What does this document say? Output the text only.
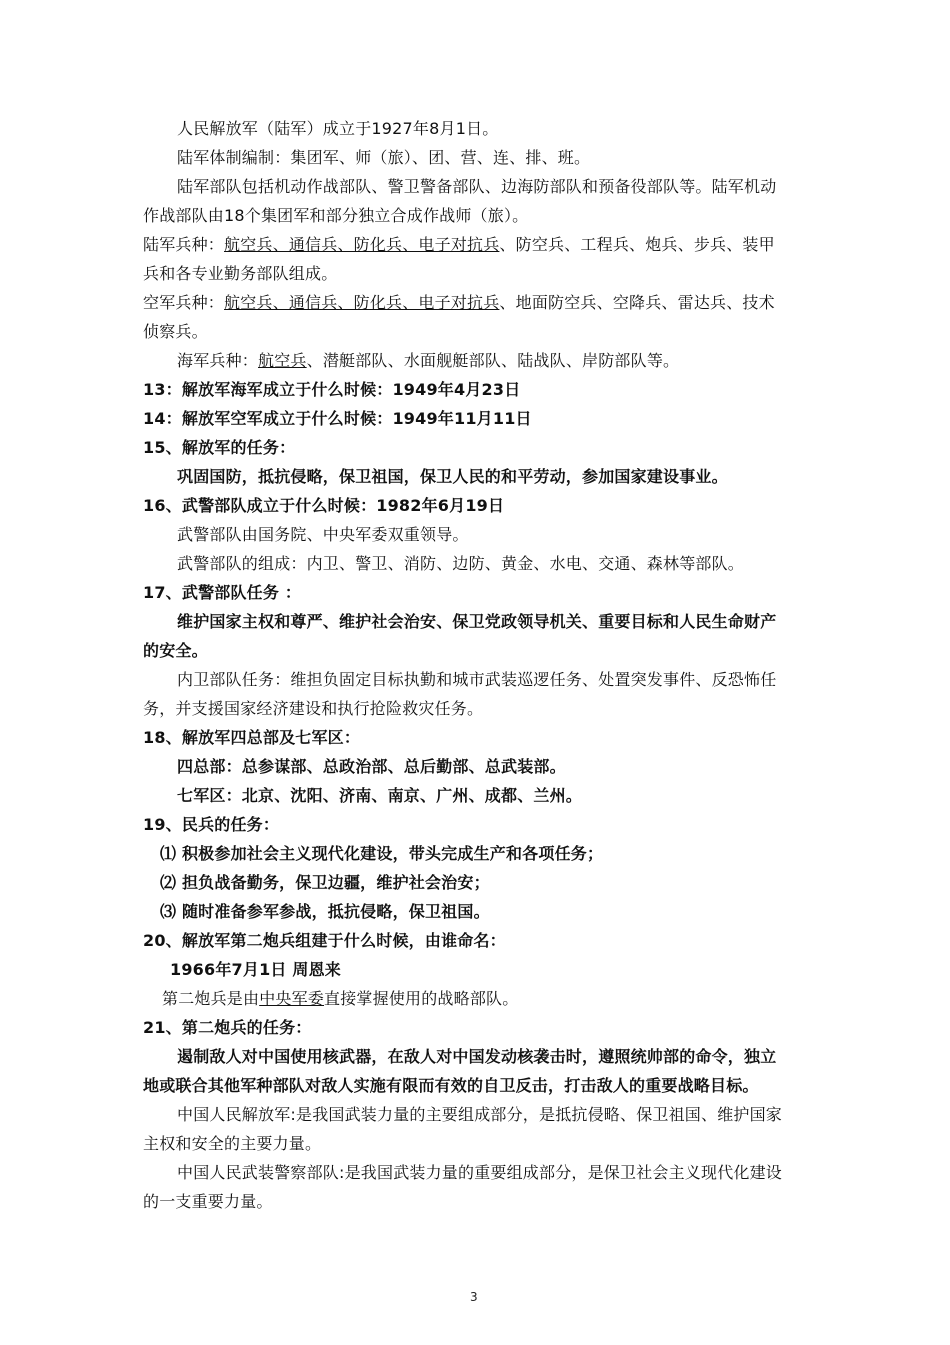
人民解放军（陆军）成立于1927年8月1日。
陆军体制编制：集团军、师（旅）、团、营、连、排、班。
陆军部队包括机动作战部队、警卫警备部队、边海防部队和预备役部队等。陆军机动
作战部队由18个集团军和部分独立合成作战师（旅）。
陆军兵种：航空兵、通信兵、防化兵、电子对抗兵、防空兵、工程兵、炮兵、步兵、装甲
兵和各专业勤务部队组成。
空军兵种：航空兵、通信兵、防化兵、电子对抗兵、地面防空兵、空降兵、雷达兵、技术
侦察兵。
海军兵种：航空兵、潜艇部队、水面舰艇部队、陆战队、岸防部队等。
13：解放军海军成立于什么时候：1949年4月23日
14：解放军空军成立于什么时候：1949年11月11日
15、解放军的任务：
巩固国防，抵抗侵略，保卫祖国，保卫人民的和平劳动，参加国家建设事业。
16、武警部队成立于什么时候：1982年6月19日
武警部队由国务院、中央军委双重领导。
武警部队的组成：内卫、警卫、消防、边防、黄金、水电、交通、森林等部队。
17、武警部队任务 ：
维护国家主权和尊严、维护社会治安、保卫党政领导机关、重要目标和人民生命财产
的安全。
内卫部队任务：维担负固定目标执勤和城市武装巡逻任务、处置突发事件、反恐怖任
务，并支援国家经济建设和执行抢险救灾任务。
18、解放军四总部及七军区：
四总部：总参谋部、总政治部、总后勤部、总武装部。
七军区：北京、沈阳、济南、南京、广州、成都、兰州。
19、民兵的任务：
⑴ 积极参加社会主义现代化建设，带头完成生产和各项任务；
⑵ 担负战备勤务，保卫边疆，维护社会治安；
⑶ 随时准备参军参战，抵抗侵略，保卫祖国。
20、解放军第二炮兵组建于什么时候，由谁命名：
1966年7月1日 周恩来
第二炮兵是由中央军委直接掌握使用的战略部队。
21、第二炮兵的任务：
遏制敌人对中国使用核武器，在敌人对中国发动核袭击时，遵照统帅部的命令，独立
地或联合其他军种部队对敌人实施有限而有效的自卫反击，打击敌人的重要战略目标。
中国人民解放军:是我国武装力量的主要组成部分，是抵抗侵略、保卫祖国、维护国家
主权和安全的主要力量。
中国人民武装警察部队:是我国武装力量的重要组成部分，是保卫社会主义现代化建设
的一支重要力量。
3
